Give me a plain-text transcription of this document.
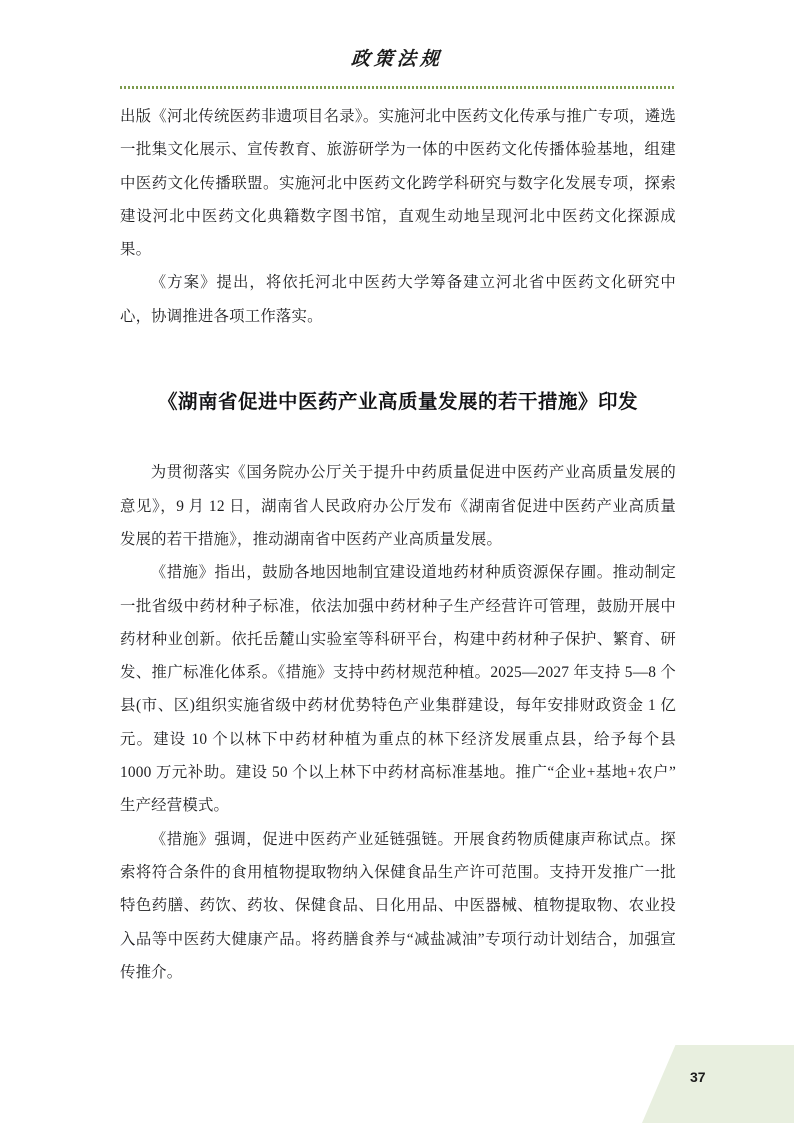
政策法规

出版《河北传统医药非遗项目名录》。实施河北中医药文化传承与推广专项，遴选一批集文化展示、宣传教育、旅游研学为一体的中医药文化传播体验基地，组建中医药文化传播联盟。实施河北中医药文化跨学科研究与数字化发展专项，探索建设河北中医药文化典籍数字图书馆，直观生动地呈现河北中医药文化探源成果。

《方案》提出，将依托河北中医药大学筹备建立河北省中医药文化研究中心，协调推进各项工作落实。

《湖南省促进中医药产业高质量发展的若干措施》印发

为贯彻落实《国务院办公厅关于提升中药质量促进中医药产业高质量发展的意见》，9 月 12 日，湖南省人民政府办公厅发布《湖南省促进中医药产业高质量发展的若干措施》，推动湖南省中医药产业高质量发展。

《措施》指出，鼓励各地因地制宜建设道地药材种质资源保存圃。推动制定一批省级中药材种子标准，依法加强中药材种子生产经营许可管理，鼓励开展中药材种业创新。依托岳麓山实验室等科研平台，构建中药材种子保护、繁育、研发、推广标准化体系。《措施》支持中药材规范种植。2025—2027 年支持 5—8 个县(市、区)组织实施省级中药材优势特色产业集群建设，每年安排财政资金 1 亿元。建设 10 个以林下中药材种植为重点的林下经济发展重点县，给予每个县 1000 万元补助。建设 50 个以上林下中药材高标准基地。推广“企业+基地+农户”生产经营模式。

《措施》强调，促进中医药产业延链强链。开展食药物质健康声称试点。探索将符合条件的食用植物提取物纳入保健食品生产许可范围。支持开发推广一批特色药膳、药饮、药妆、保健食品、日化用品、中医器械、植物提取物、农业投入品等中医药大健康产品。将药膳食养与“减盐减油”专项行动计划结合，加强宣传推介。

37
